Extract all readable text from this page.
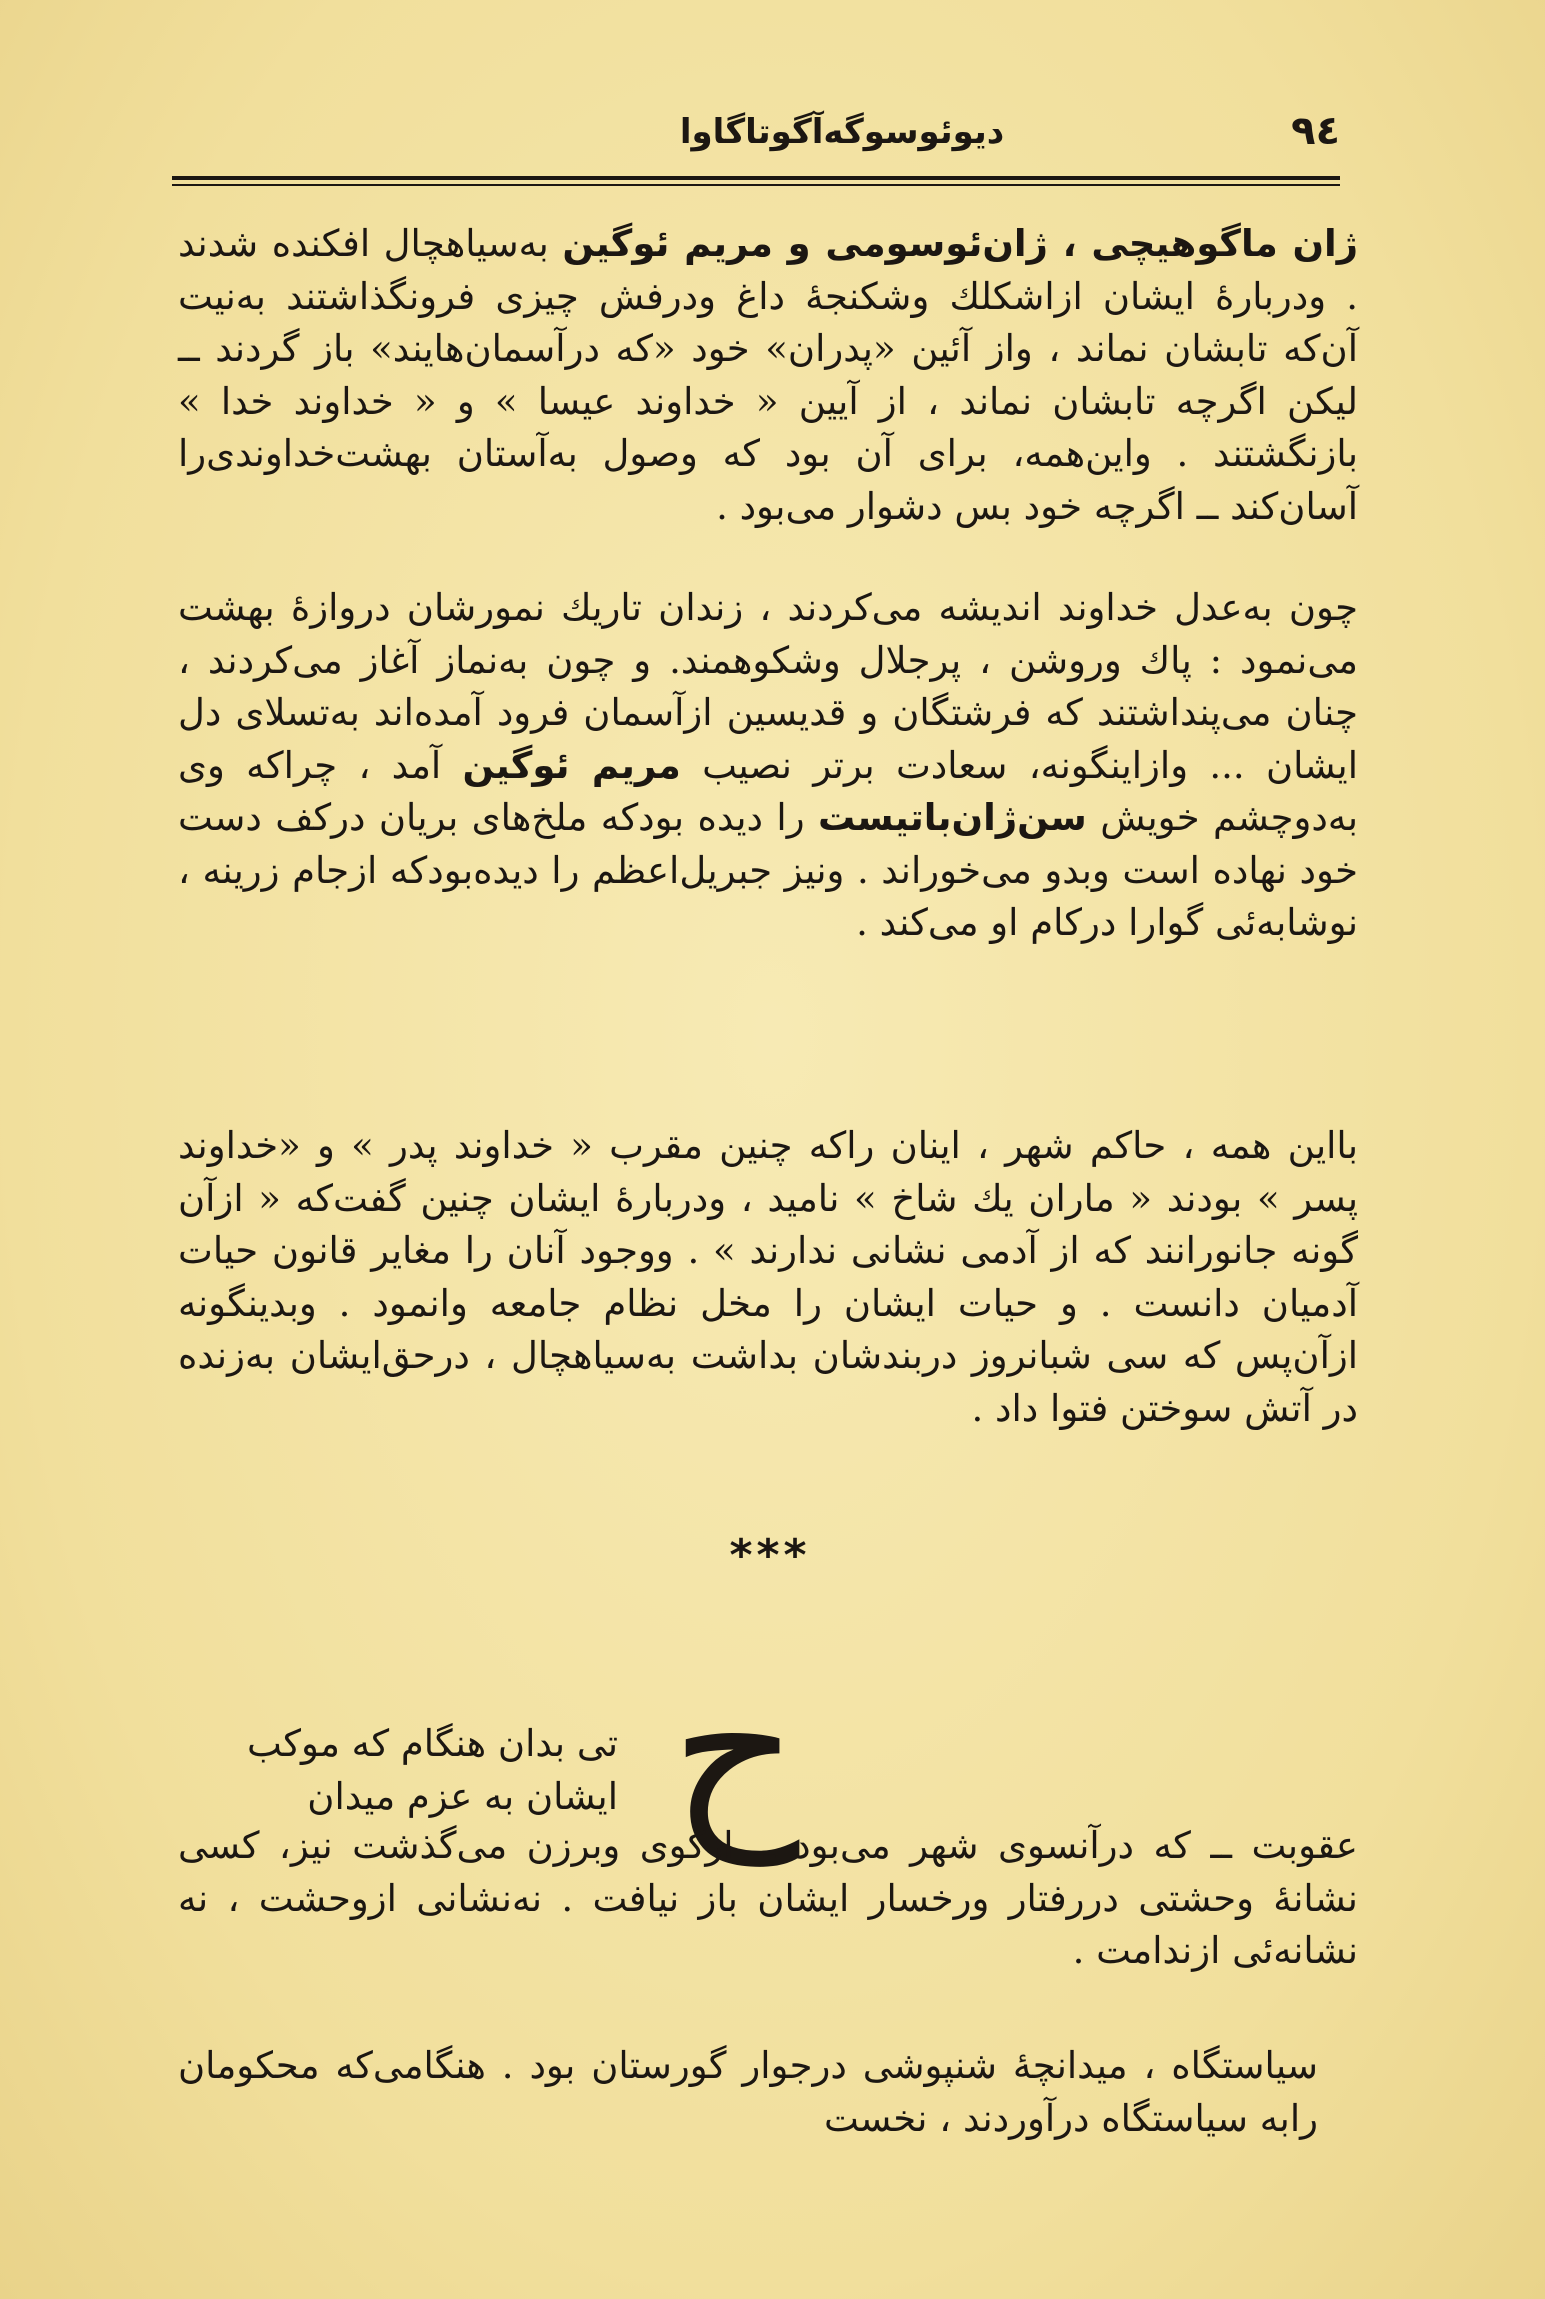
دیوئوسوگەآگوتاگاوا	٩٤
ژان ماگوهیچی ، ژان‌ئوسومی و مریم ئوگین بەسیاهچال افکنده شدند . ودربارۀ ایشان ازاشکلك وشکنجۀ داغ ودرفش چیزی فرونگذاشتند بەنیت آن‌که تابشان نماند ، واز آئین «پدران» خود «که درآسمان‌هایند» باز گردند ــ لیکن اگرچه تابشان نماند ، از آیین « خداوند عیسا » و « خداوند خدا » بازنگشتند . واین‌همه، برای آن بود که وصول بەآستان بهشت‌خداوندی‌را آسان‌کند ــ اگرچه خود بس دشوار می‌بود .
چون بەعدل خداوند اندیشه می‌کردند ، زندان تاریك نمورشان دروازۀ بهشت می‌نمود : پاك وروشن ، پرجلال وشکوهمند. و چون بەنماز آغاز می‌کردند ، چنان می‌پنداشتند که فرشتگان و قدیسین ازآسمان فرود آمده‌اند بەتسلای دل ایشان ... وازاینگونه، سعادت برتر نصیب مریم ئوگین آمد ، چراکه وی بەدوچشم خویش سن‌ژان‌باتیست را دیده بودکه ملخ‌های بریان درکف دست خود نهاده است وبدو می‌خوراند . ونیز جبریل‌اعظم را دیده‌بودکه ازجام زرینه ، نوشابەئی گوارا درکام او می‌کند .
بااین همه ، حاکم شهر ، اینان راکه چنین مقرب « خداوند پدر » و «خداوند پسر » بودند « ماران یك شاخ » نامید ، ودربارۀ ایشان چنین گفت‌که « ازآن گونه جانورانند که از آدمی نشانی ندارند » . ووجود آنان را مغایر قانون حیات آدمیان دانست . و حیات ایشان را مخل نظام جامعه وانمود . وبدینگونه ازآن‌پس که سی شبانروز دربندشان بداشت بەسیاهچال ، درحق‌ایشان بەزنده در آتش سوختن فتوا داد .
***
ح
تی بدان هنگام که موکب
ایشان به عزم میدان
عقوبت ــ که درآنسوی شهر می‌بود ــ ازکوی وبرزن می‌گذشت نیز، کسی نشانۀ وحشتی دررفتار ورخسار ایشان باز نیافت . نەنشانی ازوحشت ، نه نشانەئی ازندامت .
سیاستگاه ، میدانچۀ شنپوشی درجوار گورستان بود . هنگامی‌که محکومان رابه سیاستگاه درآوردند ، نخست
